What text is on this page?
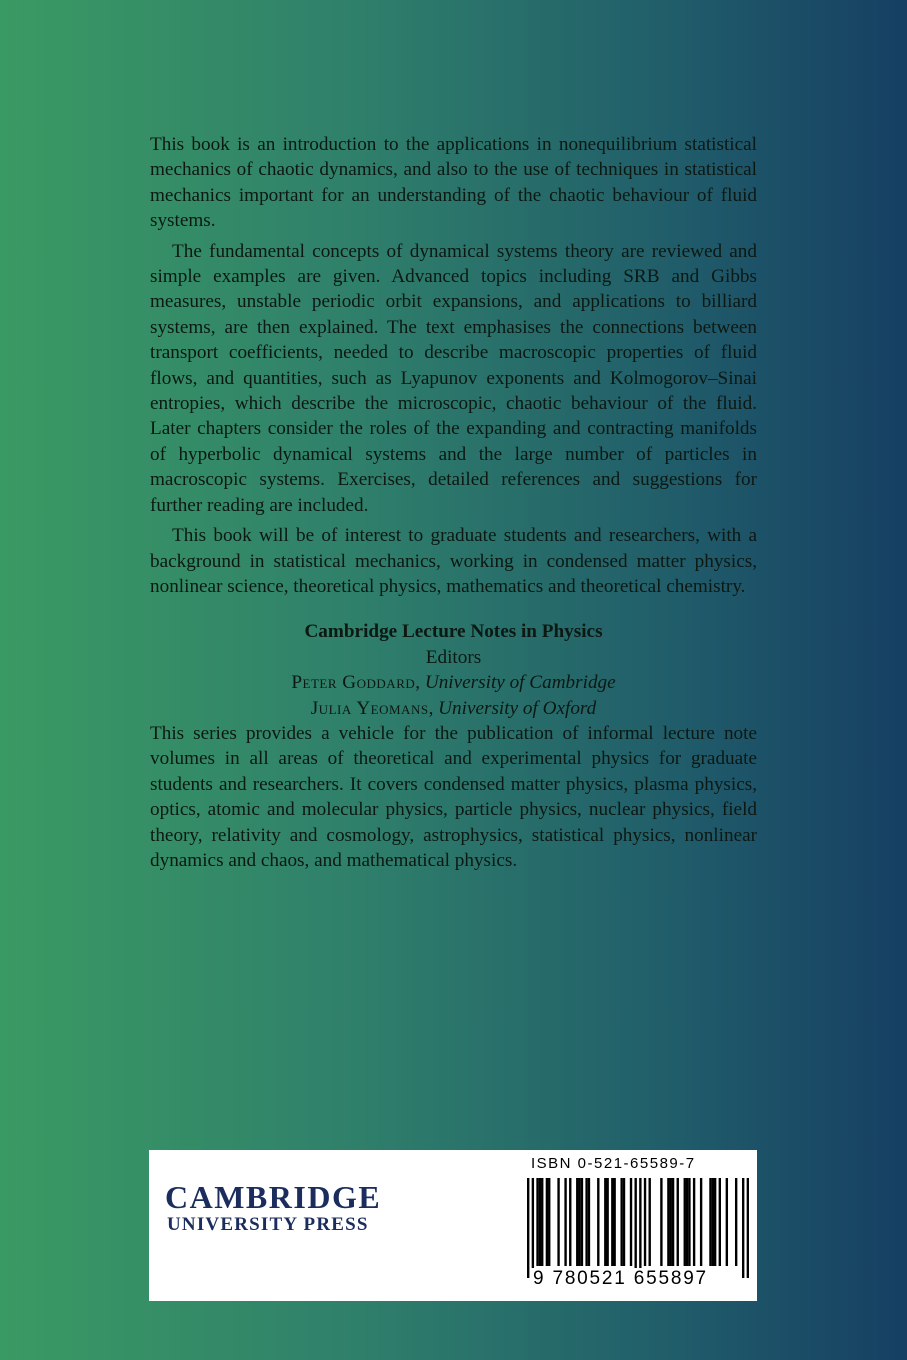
This book is an introduction to the applications in nonequilibrium statistical mechanics of chaotic dynamics, and also to the use of techniques in statistical mechanics important for an understanding of the chaotic behaviour of fluid systems.

The fundamental concepts of dynamical systems theory are reviewed and simple examples are given. Advanced topics including SRB and Gibbs measures, unstable periodic orbit expansions, and applications to billiard systems, are then explained. The text emphasises the connections between transport coefficients, needed to describe macroscopic properties of fluid flows, and quantities, such as Lyapunov exponents and Kolmogorov–Sinai entropies, which describe the microscopic, chaotic behaviour of the fluid. Later chapters consider the roles of the expanding and contracting manifolds of hyperbolic dynamical systems and the large number of particles in macroscopic systems. Exercises, detailed references and suggestions for further reading are included.

This book will be of interest to graduate students and researchers, with a background in statistical mechanics, working in condensed matter physics, nonlinear science, theoretical physics, mathematics and theoretical chemistry.

Cambridge Lecture Notes in Physics
Editors
Peter Goddard, University of Cambridge
Julia Yeomans, University of Oxford

This series provides a vehicle for the publication of informal lecture note volumes in all areas of theoretical and experimental physics for graduate students and researchers. It covers condensed matter physics, plasma physics, optics, atomic and molecular physics, particle physics, nuclear physics, field theory, relativity and cosmology, astrophysics, statistical physics, nonlinear dynamics and chaos, and mathematical physics.

CAMBRIDGE
UNIVERSITY PRESS
ISBN 0-521-65589-7
9 780521 655897
